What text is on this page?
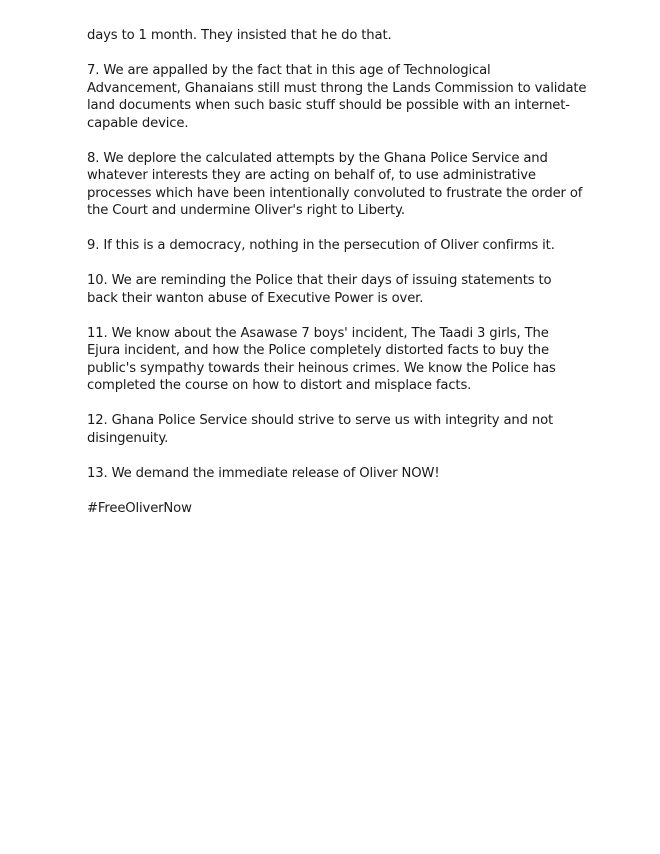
days to 1 month. They insisted that he do that.

7. We are appalled by the fact that in this age of Technological
Advancement, Ghanaians still must throng the Lands Commission to validate
land documents when such basic stuff should be possible with an internet-
capable device.

8. We deplore the calculated attempts by the Ghana Police Service and
whatever interests they are acting on behalf of, to use administrative
processes which have been intentionally convoluted to frustrate the order of
the Court and undermine Oliver's right to Liberty.

9. If this is a democracy, nothing in the persecution of Oliver confirms it.

10. We are reminding the Police that their days of issuing statements to
back their wanton abuse of Executive Power is over.

11. We know about the Asawase 7 boys' incident, The Taadi 3 girls, The
Ejura incident, and how the Police completely distorted facts to buy the
public's sympathy towards their heinous crimes. We know the Police has
completed the course on how to distort and misplace facts.

12. Ghana Police Service should strive to serve us with integrity and not
disingenuity.

13. We demand the immediate release of Oliver NOW!

#FreeOliverNow
